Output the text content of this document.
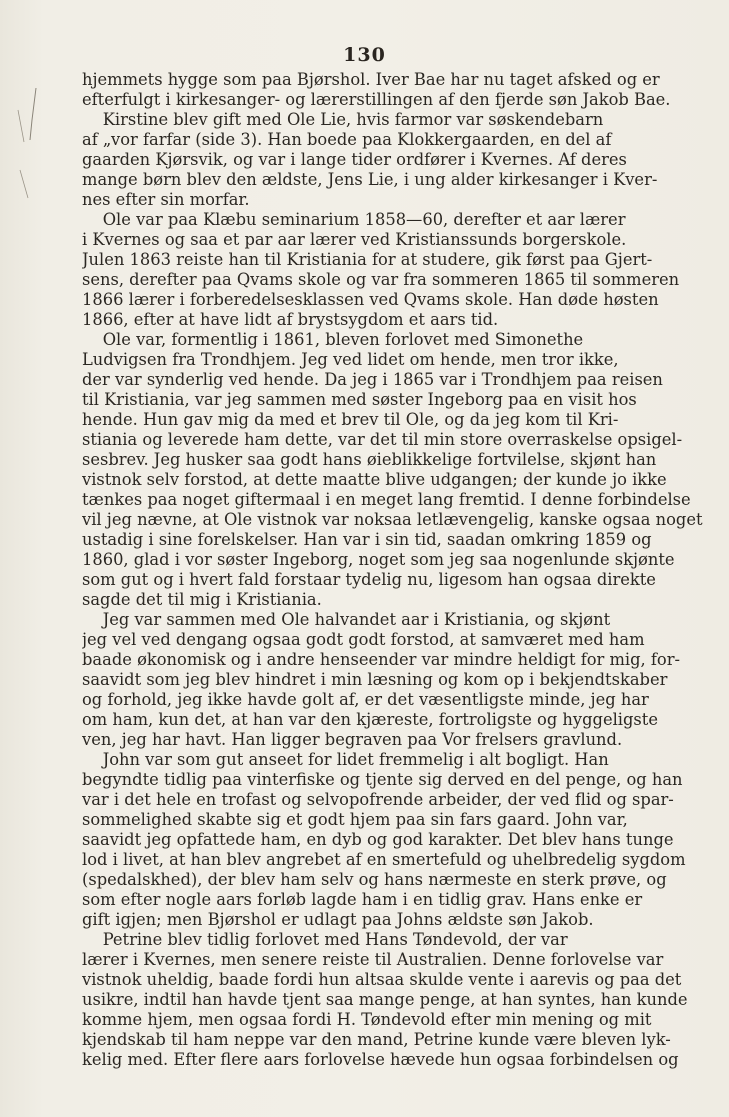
130
hjemmets hygge som paa Bjørshol. Iver Bae har nu taget afsked og er
efterfulgt i kirkesanger- og lærerstillingen af den fjerde søn Jakob Bae.
Kirstine blev gift med Ole Lie, hvis farmor var søskendebarn
af „vor farfar (side 3). Han boede paa Klokkergaarden, en del af
gaarden Kjørsvik, og var i lange tider ordfører i Kvernes. Af deres
mange børn blev den ældste, Jens Lie, i ung alder kirkesanger i Kver-
nes efter sin morfar.
Ole var paa Klæbu seminarium 1858—60, derefter et aar lærer
i Kvernes og saa et par aar lærer ved Kristianssunds borgerskole.
Julen 1863 reiste han til Kristiania for at studere, gik først paa Gjert-
sens, derefter paa Qvams skole og var fra sommeren 1865 til sommeren
1866 lærer i forberedelsesklassen ved Qvams skole. Han døde høsten
1866, efter at have lidt af brystsygdom et aars tid.
Ole var, formentlig i 1861, bleven forlovet med Simonethe
Ludvigsen fra Trondhjem. Jeg ved lidet om hende, men tror ikke,
der var synderlig ved hende. Da jeg i 1865 var i Trondhjem paa reisen
til Kristiania, var jeg sammen med søster Ingeborg paa en visit hos
hende. Hun gav mig da med et brev til Ole, og da jeg kom til Kri-
stiania og leverede ham dette, var det til min store overraskelse opsigel-
sesbrev. Jeg husker saa godt hans øieblikkelige fortvilelse, skjønt han
vistnok selv forstod, at dette maatte blive udgangen; der kunde jo ikke
tænkes paa noget giftermaal i en meget lang fremtid. I denne forbindelse
vil jeg nævne, at Ole vistnok var noksaa letlævengelig, kanske ogsaa noget
ustadig i sine forelskelser. Han var i sin tid, saadan omkring 1859 og
1860, glad i vor søster Ingeborg, noget som jeg saa nogenlunde skjønte
som gut og i hvert fald forstaar tydelig nu, ligesom han ogsaa direkte
sagde det til mig i Kristiania.
Jeg var sammen med Ole halvandet aar i Kristiania, og skjønt
jeg vel ved dengang ogsaa godt godt forstod, at samværet med ham
baade økonomisk og i andre henseender var mindre heldigt for mig, for-
saavidt som jeg blev hindret i min læsning og kom op i bekjendtskaber
og forhold, jeg ikke havde golt af, er det væsentligste minde, jeg har
om ham, kun det, at han var den kjæreste, fortroligste og hyggeligste
ven, jeg har havt. Han ligger begraven paa Vor frelsers gravlund.
John var som gut anseet for lidet fremmelig i alt bogligt. Han
begyndte tidlig paa vinterfiske og tjente sig derved en del penge, og han
var i det hele en trofast og selvopofrende arbeider, der ved flid og spar-
sommelighed skabte sig et godt hjem paa sin fars gaard. John var,
saavidt jeg opfattede ham, en dyb og god karakter. Det blev hans tunge
lod i livet, at han blev angrebet af en smertefuld og uhelbredelig sygdom
(spedalskhed), der blev ham selv og hans nærmeste en sterk prøve, og
som efter nogle aars forløb lagde ham i en tidlig grav. Hans enke er
gift igjen; men Bjørshol er udlagt paa Johns ældste søn Jakob.
Petrine blev tidlig forlovet med Hans Tøndevold, der var
lærer i Kvernes, men senere reiste til Australien. Denne forlovelse var
vistnok uheldig, baade fordi hun altsaa skulde vente i aarevis og paa det
usikre, indtil han havde tjent saa mange penge, at han syntes, han kunde
komme hjem, men ogsaa fordi H. Tøndevold efter min mening og mit
kjendskab til ham neppe var den mand, Petrine kunde være bleven lyk-
kelig med. Efter flere aars forlovelse hævede hun ogsaa forbindelsen og
